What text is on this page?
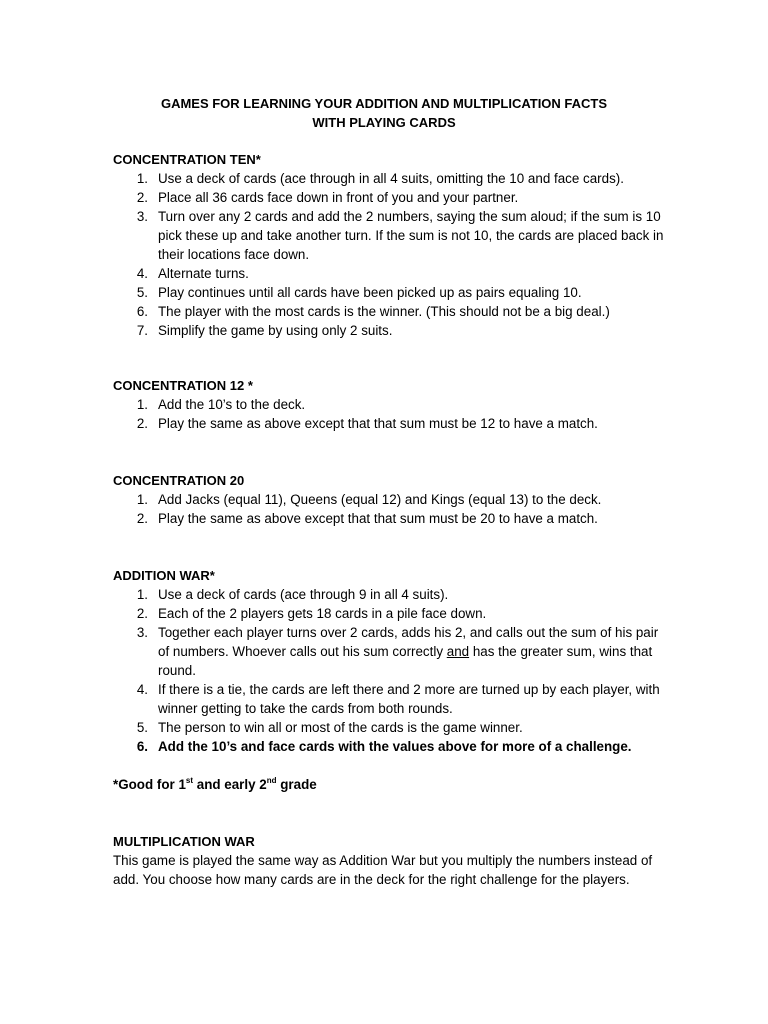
GAMES FOR LEARNING YOUR ADDITION AND MULTIPLICATION FACTS
WITH PLAYING CARDS
CONCENTRATION TEN*
1. Use a deck of cards (ace through in all 4 suits, omitting the 10 and face cards).
2. Place all 36 cards face down in front of you and your partner.
3. Turn over any 2 cards and add the 2 numbers, saying the sum aloud; if the sum is 10 pick these up and take another turn. If the sum is not 10, the cards are placed back in their locations face down.
4. Alternate turns.
5. Play continues until all cards have been picked up as pairs equaling 10.
6. The player with the most cards is the winner. (This should not be a big deal.)
7. Simplify the game by using only 2 suits.
CONCENTRATION 12 *
1. Add the 10’s to the deck.
2. Play the same as above except that that sum must be 12 to have a match.
CONCENTRATION 20
1. Add Jacks (equal 11), Queens (equal 12) and Kings (equal 13) to the deck.
2. Play the same as above except that that sum must be 20 to have a match.
ADDITION WAR*
1. Use a deck of cards (ace through 9 in all 4 suits).
2. Each of the 2 players gets 18 cards in a pile face down.
3. Together each player turns over 2 cards, adds his 2, and calls out the sum of his pair of numbers. Whoever calls out his sum correctly and has the greater sum, wins that round.
4. If there is a tie, the cards are left there and 2 more are turned up by each player, with winner getting to take the cards from both rounds.
5. The person to win all or most of the cards is the game winner.
6. Add the 10’s and face cards with the values above for more of a challenge.
*Good for 1st and early 2nd grade
MULTIPLICATION WAR
This game is played the same way as Addition War but you multiply the numbers instead of add. You choose how many cards are in the deck for the right challenge for the players.
